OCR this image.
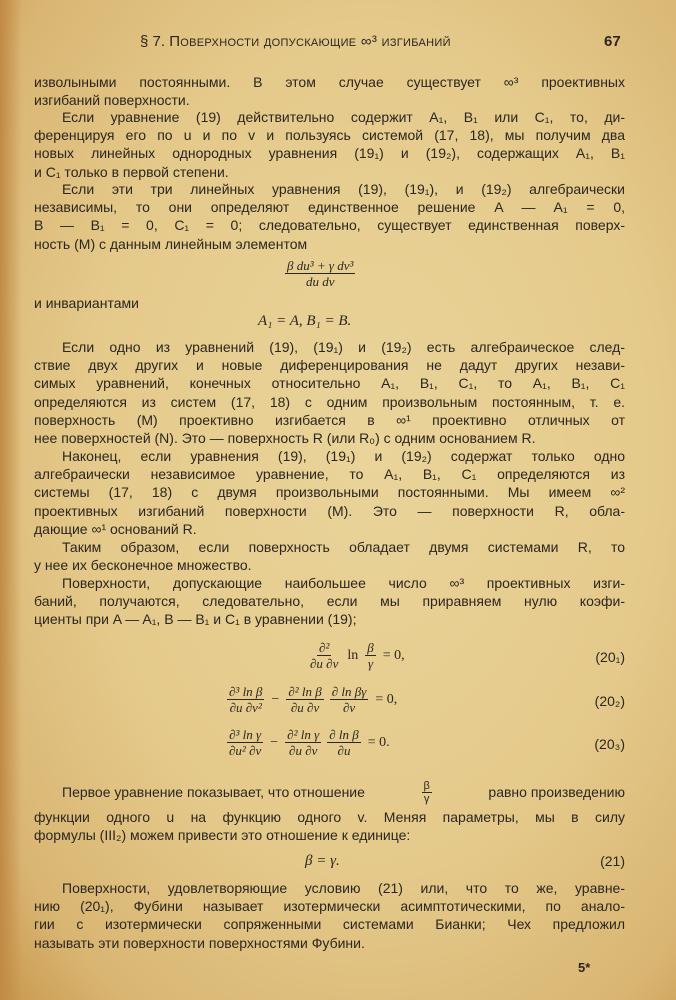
§ 7. Поверхности допускающие ∞³ изгибаний	67
изволыными постоянными. В этом случае существует ∞³ проективных
изгибаний поверхности.
Если уравнение (19) действительно содержит A₁, B₁ или C₁, то, ди-
ференцируя его по u и по v и пользуясь системой (17, 18), мы получим два
новых линейных однородных уравнения (19₁) и (19₂), содержащих A₁, B₁
и C₁ только в первой степени.
Если эти три линейных уравнения (19), (19₁), и (19₂) алгебраически
независимы, то они определяют единственное решение A — A₁ = 0,
B — B₁ = 0, C₁ = 0; следовательно, существует единственная поверх-
ность (M) с данным линейным элементом
и инвариантами
Если одно из уравнений (19), (19₁) и (19₂) есть алгебраическое след-
ствие двух других и новые диференцирования не дадут других незави-
симых уравнений, конечных относительно A₁, B₁, C₁, то A₁, B₁, C₁
определяются из систем (17, 18) с одним произвольным постоянным, т. е.
поверхность (M) проективно изгибается в ∞¹ проективно отличных от
нее поверхностей (N). Это — поверхность R (или R₀) с одним основанием R.
Наконец, если уравнения (19), (19₁) и (19₂) содержат только одно
алгебраически независимое уравнение, то A₁, B₁, C₁ определяются из
системы (17, 18) с двумя произвольными постоянными. Мы имеем ∞²
проективных изгибаний поверхности (M). Это — поверхности R, обла-
дающие ∞¹ оснований R.
Таким образом, если поверхность обладает двумя системами R, то
у нее их бесконечное множество.
Поверхности, допускающие наибольшее число ∞³ проективных изги-
баний, получаются, следовательно, если мы приравняем нулю коэфи-
циенты при A — A₁, B — B₁ и C₁ в уравнении (19);
функции одного u на функцию одного v. Меняя параметры, мы в силу
формулы (III₂) можем привести это отношение к единице:
Поверхности, удовлетворяющие условию (21) или, что то же, уравне-
нию (20₁), Фубини называет изотермически асимптотическими, по анало-
гии с изотермически сопряженными системами Бианки; Чех предложил
называть эти поверхности поверхностями Фубини.
$\frac{\text{β du³ + γ dv³}}{\text{du dv}}$
A₁ = A, B₁ = B.
$\frac{\text{∂²}}{\partial u \partial v}$ $\ln \frac{\beta}{\gamma} = 0$,	(20₁)
$\frac{\text{∂³ ln β}}{\text{∂u ∂v²}} - \frac{\text{∂² ln β}}{\partial u \partial v} \frac{\text{∂ ln βγ}}{\partial v} = 0$,	(20₂)
$\frac{\text{∂³ ln γ}}{\text{∂u² ∂v}} - \frac{\text{∂² ln γ}}{\partial u \partial v} \frac{\text{∂ ln β}}{\partial u} = 0$.	(20₃)
Первое уравнение показывает, что отношение	$\frac{\beta}{\gamma}$	равно произведению
β = γ.	(21)
5*
